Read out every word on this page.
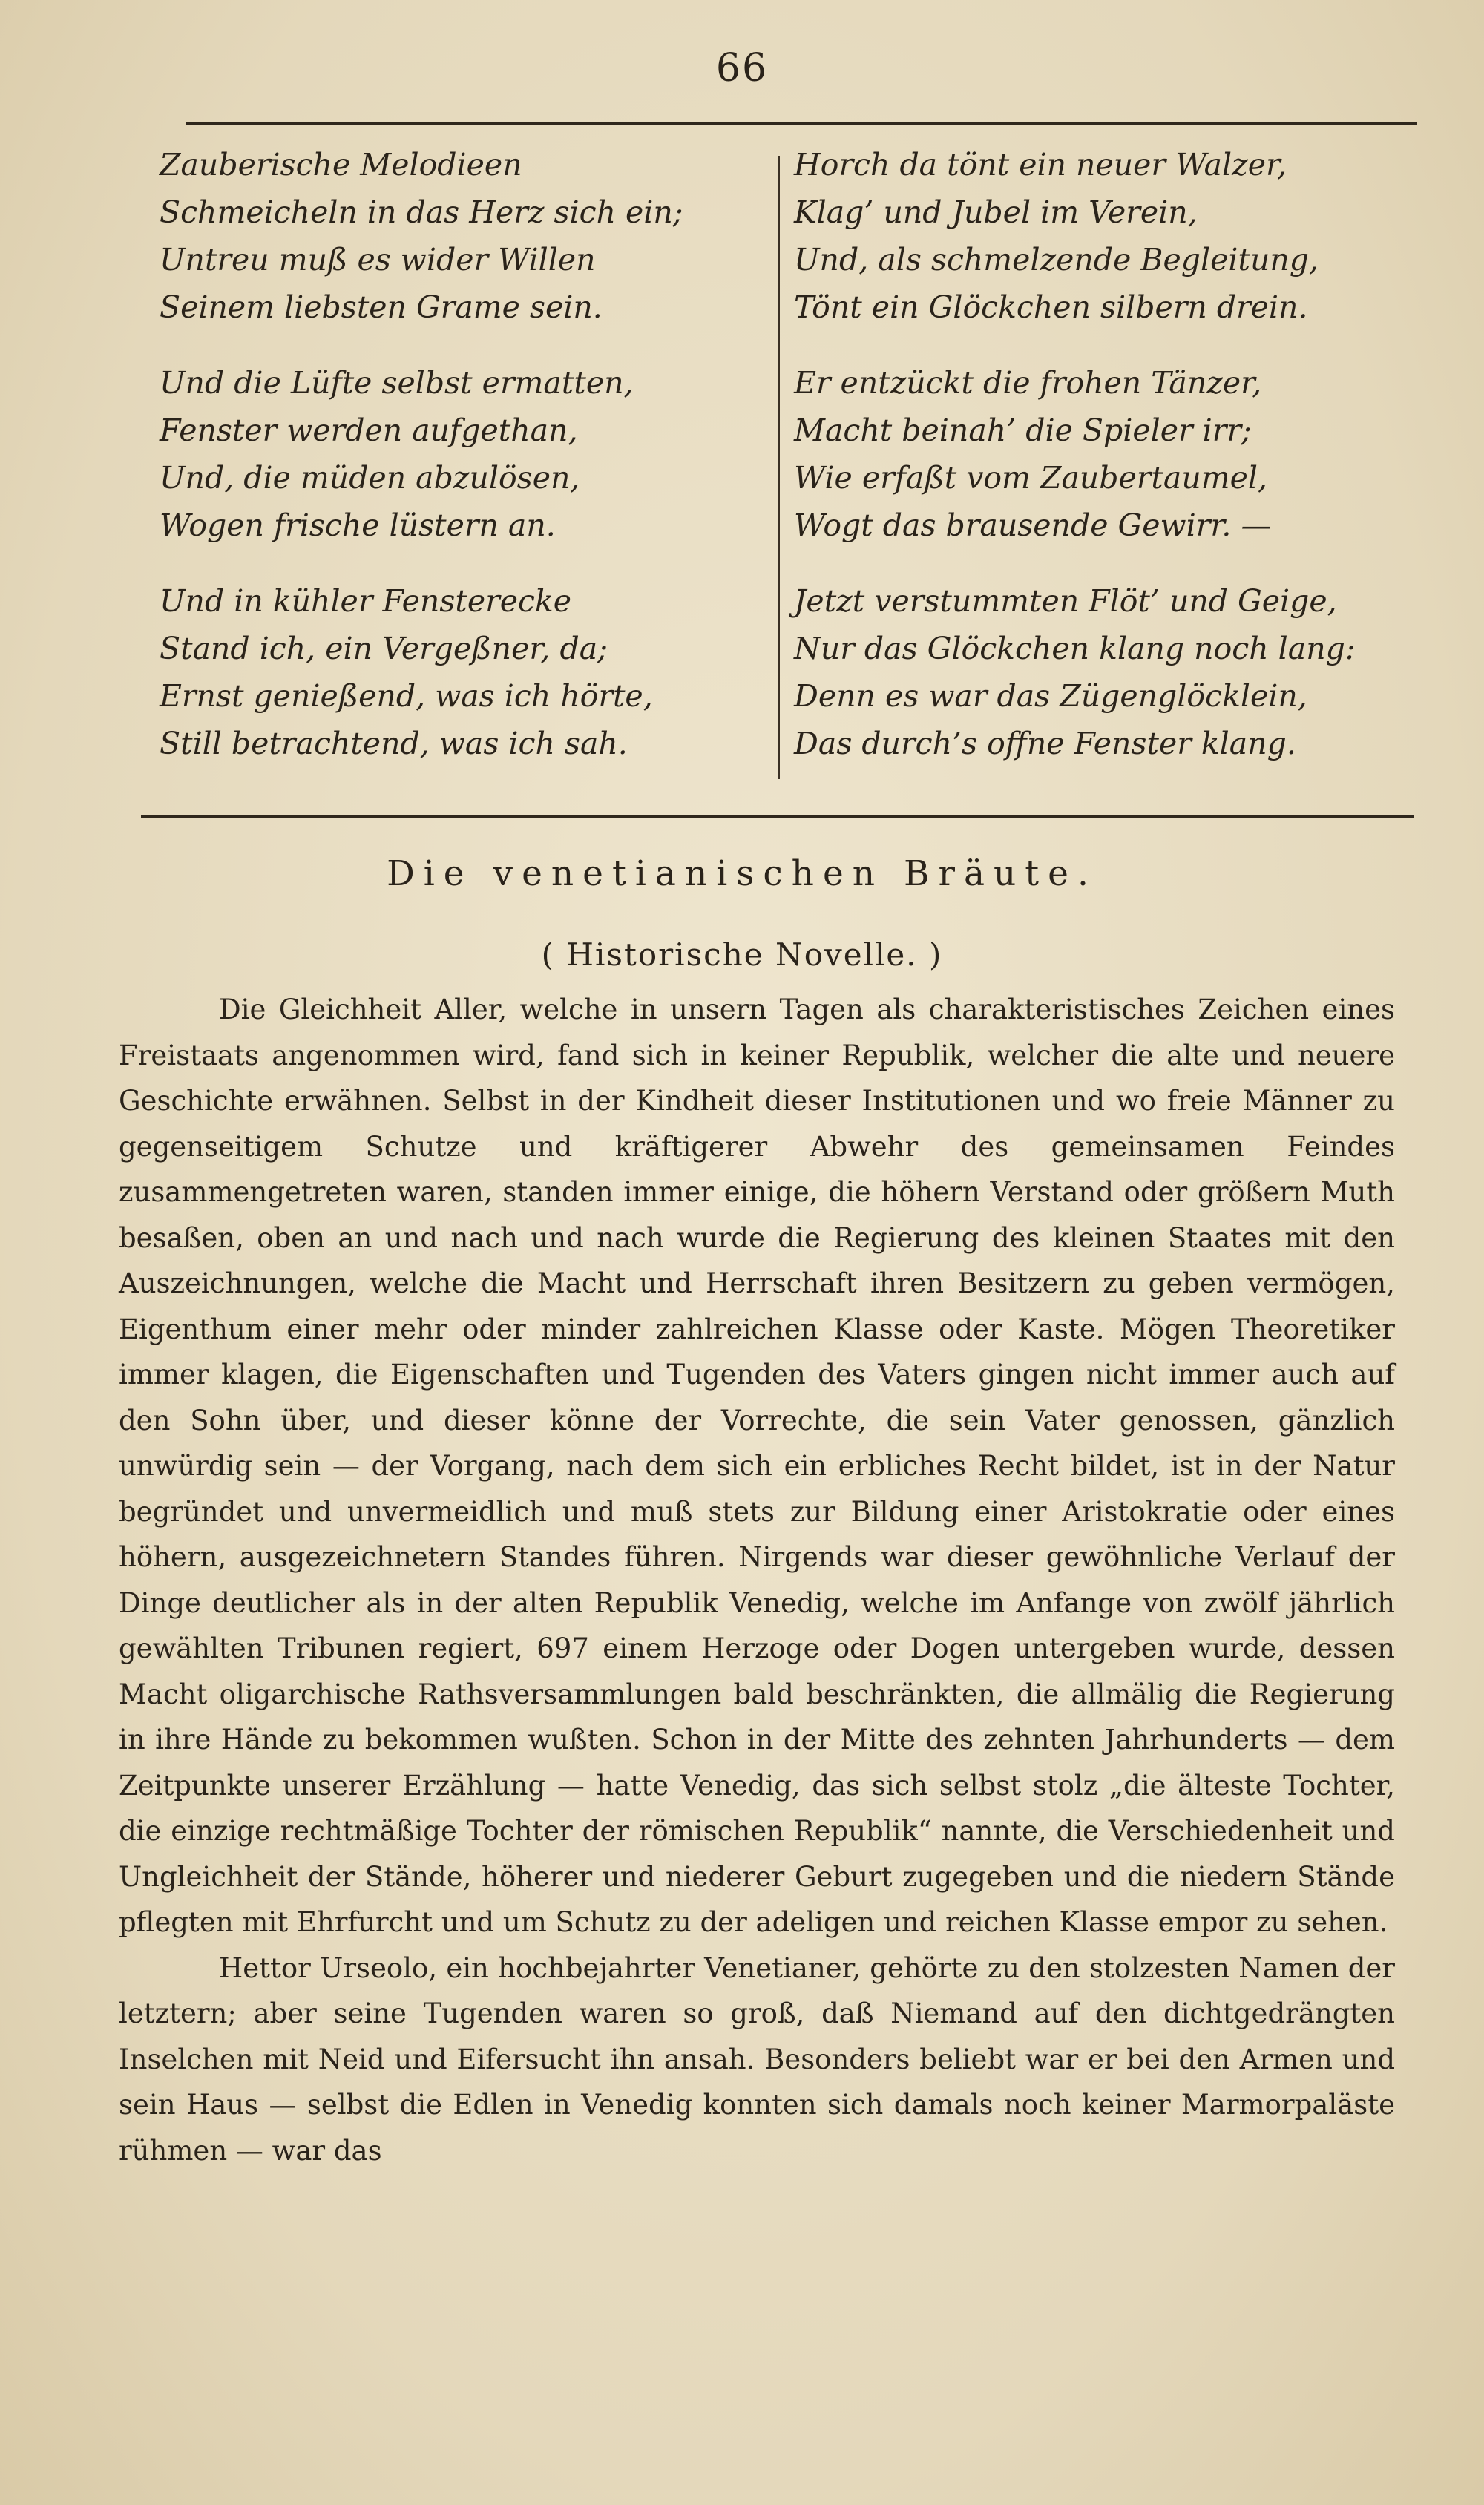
66
Zauberische Melodieen
Schmeicheln in das Herz sich ein;
Untreu muß es wider Willen
Seinem liebsten Grame sein.
Und die Lüfte selbst ermatten,
Fenster werden aufgethan,
Und, die müden abzulösen,
Wogen frische lüstern an.
Und in kühler Fensterecke
Stand ich, ein Vergeßner, da;
Ernst genießend, was ich hörte,
Still betrachtend, was ich sah.
Horch da tönt ein neuer Walzer,
Klag’ und Jubel im Verein,
Und, als schmelzende Begleitung,
Tönt ein Glöckchen silbern drein.
Er entzückt die frohen Tänzer,
Macht beinah’ die Spieler irr;
Wie erfaßt vom Zaubertaumel,
Wogt das brausende Gewirr. —
Jetzt verstummten Flöt’ und Geige,
Nur das Glöckchen klang noch lang:
Denn es war das Zügenglöcklein,
Das durch’s offne Fenster klang.
Die venetianischen Bräute.
( Historische Novelle. )

Die Gleichheit Aller, welche in unsern Tagen als charakteristisches Zeichen eines Freistaats angenommen wird, fand sich in keiner Republik, welcher die alte und neuere Geschichte erwähnen. Selbst in der Kindheit dieser Institutionen und wo freie Männer zu gegenseitigem Schutze und kräftigerer Abwehr des gemeinsamen Feindes zusammengetreten waren, standen immer einige, die höhern Verstand oder größern Muth besaßen, oben an und nach und nach wurde die Regierung des kleinen Staates mit den Auszeichnungen, welche die Macht und Herrschaft ihren Besitzern zu geben vermögen, Eigenthum einer mehr oder minder zahlreichen Klasse oder Kaste. Mögen Theoretiker immer klagen, die Eigenschaften und Tugenden des Vaters gingen nicht immer auch auf den Sohn über, und dieser könne der Vorrechte, die sein Vater genossen, gänzlich unwürdig sein — der Vorgang, nach dem sich ein erbliches Recht bildet, ist in der Natur begründet und unvermeidlich und muß stets zur Bildung einer Aristokratie oder eines höhern, ausgezeichnetern Standes führen. Nirgends war dieser gewöhnliche Verlauf der Dinge deutlicher als in der alten Republik Venedig, welche im Anfange von zwölf jährlich gewählten Tribunen regiert, 697 einem Herzoge oder Dogen untergeben wurde, dessen Macht oligarchische Rathsversammlungen bald beschränkten, die allmälig die Regierung in ihre Hände zu bekommen wußten. Schon in der Mitte des zehnten Jahrhunderts — dem Zeitpunkte unserer Erzählung — hatte Venedig, das sich selbst stolz „die älteste Tochter, die einzige rechtmäßige Tochter der römischen Republik“ nannte, die Verschiedenheit und Ungleichheit der Stände, höherer und niederer Geburt zugegeben und die niedern Stände pflegten mit Ehrfurcht und um Schutz zu der adeligen und reichen Klasse empor zu sehen.

Hettor Urseolo, ein hochbejahrter Venetianer, gehörte zu den stolzesten Namen der letztern; aber seine Tugenden waren so groß, daß Niemand auf den dichtgedrängten Inselchen mit Neid und Eifersucht ihn ansah. Besonders beliebt war er bei den Armen und sein Haus — selbst die Edlen in Venedig konnten sich damals noch keiner Marmorpaläste rühmen — war das
